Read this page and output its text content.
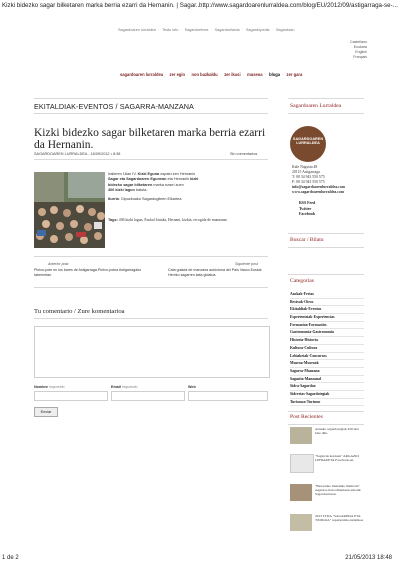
Kizki bidezko sagar bilketaren marka berria ezarri da Hernanin. | Sagar...
http://www.sagardoarenlurraldea.com/blog/EU/2012/09/astigarraga-se-...
Sagardoaren lurraldea · Testu info · Sagardoetxea · Sagardoelarda · Sagardopedia · Sagardoan
Castellano
Euskara
English
Français
sagardoaren lurraldea · zer egin · non bazkaldu · zer ikusi · museoa · bloga · zer gara
EKITALDIAK-EVENTOS / SAGARRA-MANZANA
Kizki bidezko sagar bilketaren marka berria ezarri da Hernanin.
SAGARDOAREN LURRALDEA - 16/09/2012 • 8:38	Sin comentarios
Iraileren 16an IV. Kizki Eguna ospatu zen Hernanin
Sagar eta Sagardoaren Egunean eta Hernanik kizki
bidezko sagar bilketaren marka ezarri zuen
406 kizki lagun batuta.

Iturria: Gipuzkoako Sagardogileen Elkartea
Tags: 406 kizki lagun, Euskal Jatiaka, Hernani, kizkia, recogida de manzanas
Anterior post
Pintxo-pote en los bares de Astigarraga.Pintxo-potea Astigarragako tabernetan.
Siguiente post
Cata guiada de manzana autóctona del País Vasco.Euskal Herriko sagarren kata gidatua.
Tu comentario / Zure komentarioa
Nombre requerido	Email requerido	Web
Enviar
Sagardoaren Lurraldea
SAGARDOAREN LURRALDEA
Kale Nagusia 48
20115 Astigarraga
T: 00 34 943 550 575
F: 00 34 943 550 575
info@sagardoarenlurraldea.com
www.sagardoarenlurraldea.com
RSS Feed
Twitter
Facebook
Buscar / Bilatu
Categorías
Azokak-Ferias
Bestxak-Otros
Ekitaldiak-Eventos
Esperientziak-Experiencias
Formazioa-Formación
Gastronomia-Gastronomía
Historia-Historia
Kultura-Cultura
Lehiaketak-Concursos
Museoa-Museoak
Sagarra-Manzana
Sagastia-Manzanal
Sidra-Sagardoa
Sidrerías-Sagardotegiak
Turismoa-Turismo
Post Recientes
Asturko sagardotegiak 450 urte bete ditu.
"Sagarrak kontuan" ARGAZKI LEHIAKETA Facebook-en.
"Basoetako munduko memoria" sagardoa ilan edirenbeen erkotik Sagardoetxean.
2013 LTDA "SAGARDOA ETA TXOKOA" esperientzia-turistikoa
1 de 2	21/05/2013 18:48
